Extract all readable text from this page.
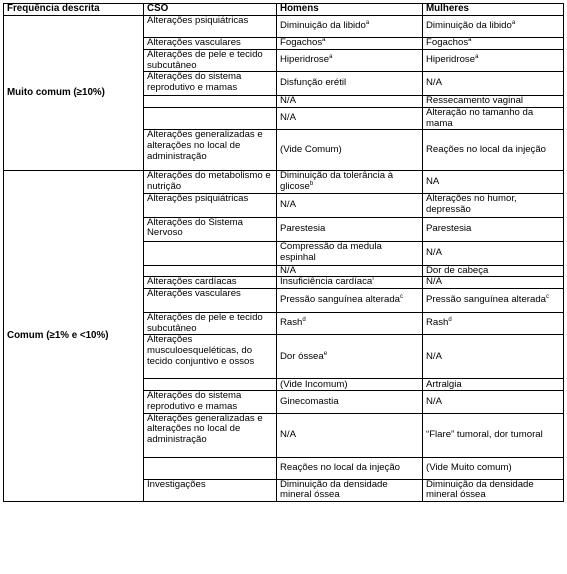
Frequência descrita	CSO	Homens	Mulheres
Muito comum (≥10%)	Alterações psiquiátricas	Diminuição da libido$^a$	Diminuição da libido$^a$
	Alterações vasculares	Fogachos$^a$	Fogachos$^a$
	Alterações de pele e tecido subcutâneo	Hiperidrose$^a$	Hiperidrose$^a$
	Alterações do sistema reprodutivo e mamas	Disfunção erétil	N/A
		N/A	Ressecamento vaginal
		N/A	Alteração no tamanho da mama
	Alterações generalizadas e alterações no local de administração	(Vide Comum)	Reações no local da injeção
Comum (≥1% e <10%)	Alterações do metabolismo e nutrição	Diminuição da tolerância à glicose$^b$	NA
	Alterações psiquiátricas	N/A	Alterações no humor, depressão
	Alterações do Sistema Nervoso	Parestesia	Parestesia
		Compressão da medula espinhal	N/A
		N/A	Dor de cabeça
	Alterações cardíacas	Insuficiência cardíaca$^f$	N/A
	Alterações vasculares	Pressão sanguínea alterada$^c$	Pressão sanguínea alterada$^c$
	Alterações de pele e tecido subcutâneo	Rash$^d$	Rash$^d$
	Alterações musculoesqueléticas, do tecido conjuntivo e ossos	Dor óssea$^e$	N/A
		(Vide Incomum)	Artralgia
	Alterações do sistema reprodutivo e mamas	Ginecomastia	N/A
	Alterações generalizadas e alterações no local de administração	N/A	“Flare” tumoral, dor tumoral
		Reações no local da injeção	(Vide Muito comum)
	Investigações	Diminuição da densidade mineral óssea	Diminuição da densidade mineral óssea
